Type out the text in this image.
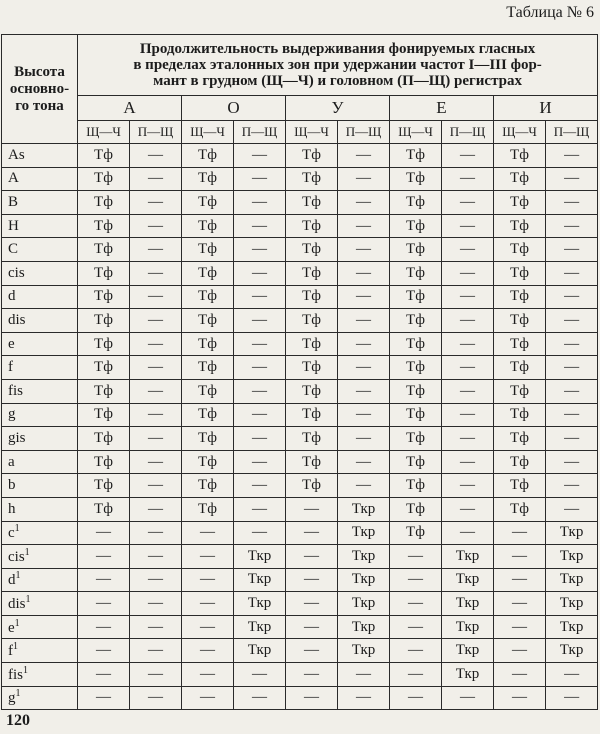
Таблица № 6
Высота
основно-
го тона	Продолжительность выдерживания фонируемых гласных
в пределах эталонных зон при удержании частот I—III фор-
мант в грудном (Щ—Ч) и головном (П—Щ) регистрах									

	А		О		У		Е		И	
	Щ—Ч	П—Щ	Щ—Ч	П—Щ	Щ—Ч	П—Щ	Щ—Ч	П—Щ	Щ—Ч	П—Щ
As	Тф	—	Тф	—	Тф	—	Тф	—	Тф	—
A	Тф	—	Тф	—	Тф	—	Тф	—	Тф	—
B	Тф	—	Тф	—	Тф	—	Тф	—	Тф	—
H	Тф	—	Тф	—	Тф	—	Тф	—	Тф	—
C	Тф	—	Тф	—	Тф	—	Тф	—	Тф	—
cis	Тф	—	Тф	—	Тф	—	Тф	—	Тф	—
d	Тф	—	Тф	—	Тф	—	Тф	—	Тф	—
dis	Тф	—	Тф	—	Тф	—	Тф	—	Тф	—
e	Тф	—	Тф	—	Тф	—	Тф	—	Тф	—
f	Тф	—	Тф	—	Тф	—	Тф	—	Тф	—
fis	Тф	—	Тф	—	Тф	—	Тф	—	Тф	—
g	Тф	—	Тф	—	Тф	—	Тф	—	Тф	—
gis	Тф	—	Тф	—	Тф	—	Тф	—	Тф	—
a	Тф	—	Тф	—	Тф	—	Тф	—	Тф	—
b	Тф	—	Тф	—	Тф	—	Тф	—	Тф	—
h	Тф	—	Тф	—	—	Ткр	Тф	—	Тф	—
$c^1$	—	—	—	—	—	Ткр	Тф	—	—	Ткр
cis$^1$	—	—	—	Ткр	—	Ткр	—	Ткр	—	Ткр
$d^1$	—	—	—	Ткр	—	Ткр	—	Ткр	—	Ткр
dis$^1$	—	—	—	Ткр	—	Ткр	—	Ткр	—	Ткр
$e^1$	—	—	—	Ткр	—	Ткр	—	Ткр	—	Ткр
$f^1$	—	—	—	Ткр	—	Ткр	—	Ткр	—	Ткр
fis$^1$	—	—	—	—	—	—	—	Ткр	—	—
$g^1$	—	—	—	—	—	—	—	—	—	—
120
